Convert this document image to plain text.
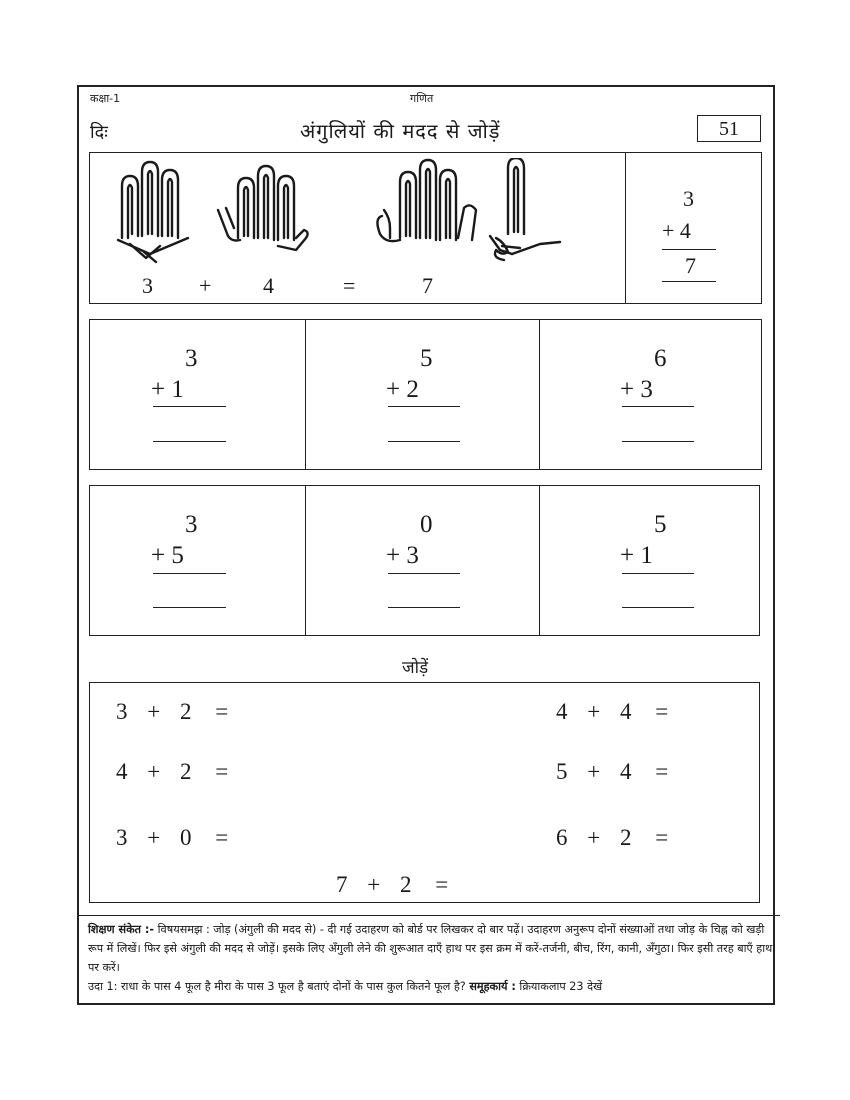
कक्षा-1	गणित
दिः	अंगुलियों की मदद से जोड़ें	51
3 + 4	=	7
3
+ 4
7
3
+ 1
5
+ 2
6
+ 3
3
+ 5
0
+ 3
5
+ 1
जोड़ें
3 + 2 =
4 + 2 =
3 + 0 =
4 + 4 =
5 + 4 =
6 + 2 =
7 + 2 =
शिक्षण संकेत :- विषयसमझ : जोड़ (अंगुली की मदद से) - दी गई उदाहरण को बोर्ड पर लिखकर दो बार पढ़ें। उदाहरण अनुरूप दोनों संख्याओं तथा जोड़ के चिह्न को खड़ी रूप में लिखें। फिर इसे अंगुली की मदद से जोड़ें। इसके लिए अँगुली लेने की शुरूआत दाएँ हाथ पर इस क्रम में करें-तर्जनी, बीच, रिंग, कानी, अँगुठा। फिर इसी तरह बाएँ हाथ पर करें।
उदा 1: राधा के पास 4 फूल है मीरा के पास 3 फूल है बताएं दोनों के पास कुल कितने फूल है? समूहकार्य : क्रियाकलाप 23 देखें
